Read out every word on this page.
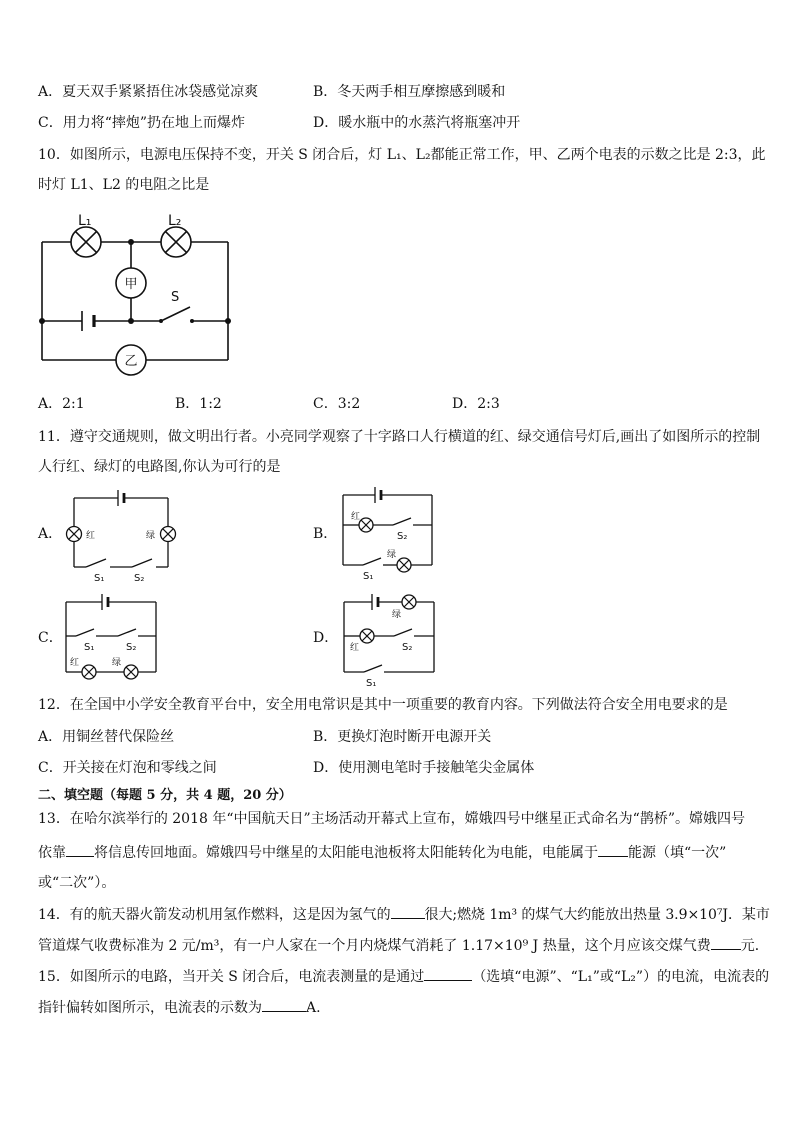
A．夏天双手紧紧捂住冰袋感觉凉爽	B．冬天两手相互摩擦感到暖和
C．用力将“摔炮”扔在地上而爆炸	D．暖水瓶中的水蒸汽将瓶塞冲开
10．如图所示，电源电压保持不变，开关 S 闭合后，灯 L₁、L₂都能正常工作，甲、乙两个电表的示数之比是 2:3，此
时灯 L1、L2 的电阻之比是
L₁	L₂
甲
乙
S
A．2:1	B．1:2	C．3:2	D．2:3
11．遵守交通规则，做文明出行者。小亮同学观察了十字路口人行横道的红、绿交通信号灯后,画出了如图所示的控制
人行红、绿灯的电路图,你认为可行的是
A．	红	绿
S₁	S₂
B．
红
绿
S₂
S₁
C．
S₁	S₂
红	绿
D．
绿
红	S₂
S₁
12．在全国中小学安全教育平台中，安全用电常识是其中一项重要的教育内容。下列做法符合安全用电要求的是
A．用铜丝替代保险丝	B．更换灯泡时断开电源开关
C．开关接在灯泡和零线之间	D．使用测电笔时手接触笔尖金属体
二、填空题（每题 5 分，共 4 题，20 分）
13．在哈尔滨举行的 2018 年“中国航天日”主场活动开幕式上宣布，嫦娥四号中继星正式命名为“鹊桥”。嫦娥四号
依靠 将信息传回地面。嫦娥四号中继星的太阳能电池板将太阳能转化为电能，电能属于 能源（填“一次”
或“二次”）。
14．有的航天器火箭发动机用氢作燃料，这是因为氢气的 很大;燃烧 1m³ 的煤气大约能放出热量 3.9×10⁷J．某市
管道煤气收费标准为 2 元/m³，有一户人家在一个月内烧煤气消耗了 1.17×10⁹ J 热量，这个月应该交煤气费 元．
15．如图所示的电路，当开关 S 闭合后，电流表测量的是通过	（选填“电源”、“L₁”或“L₂”）的电流，电流表的
指针偏转如图所示，电流表的示数为	A.
